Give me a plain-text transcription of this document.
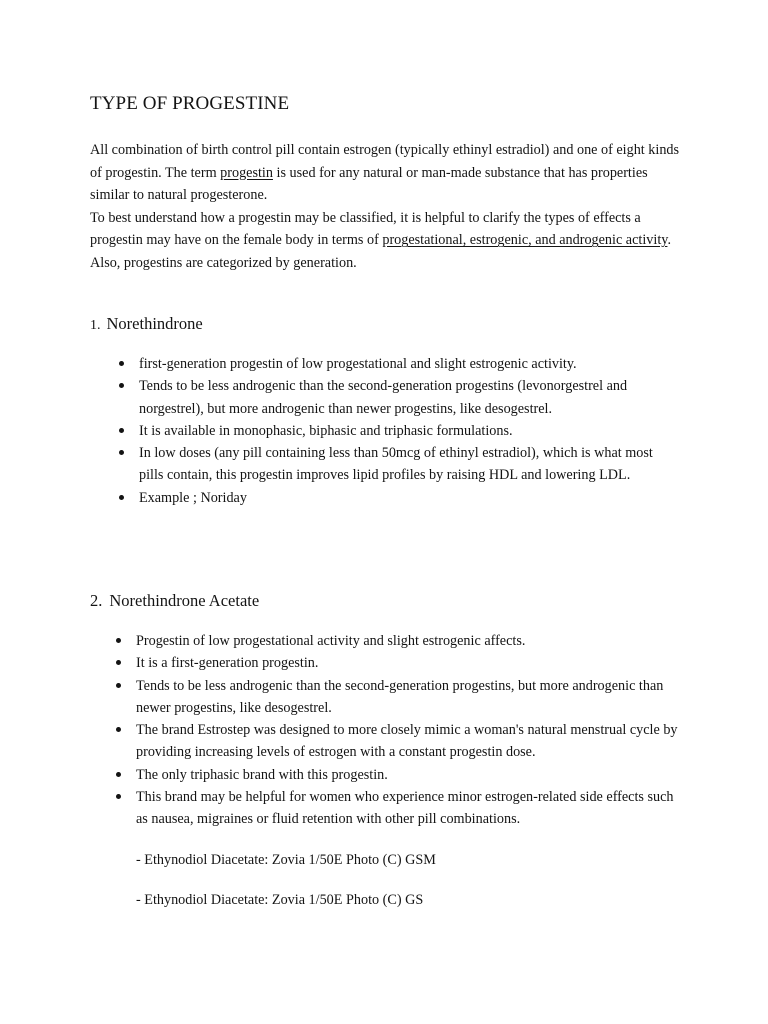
TYPE OF PROGESTINE

All combination of birth control pill contain estrogen (typically ethinyl estradiol) and one of eight kinds of progestin. The term progestin is used for any natural or man-made substance that has properties similar to natural progesterone.

To best understand how a progestin may be classified, it is helpful to clarify the types of effects a progestin may have on the female body in terms of progestational, estrogenic, and androgenic activity. Also, progestins are categorized by generation.

1. Norethindrone
first-generation progestin of low progestational and slight estrogenic activity.
Tends to be less androgenic than the second-generation progestins (levonorgestrel and norgestrel), but more androgenic than newer progestins, like desogestrel.
It is available in monophasic, biphasic and triphasic formulations.
In low doses (any pill containing less than 50mcg of ethinyl estradiol), which is what most pills contain, this progestin improves lipid profiles by raising HDL and lowering LDL.
Example ; Noriday
2. Norethindrone Acetate
Progestin of low progestational activity and slight estrogenic affects.
It is a first-generation progestin.
Tends to be less androgenic than the second-generation progestins, but more androgenic than newer progestins, like desogestrel.
The brand Estrostep was designed to more closely mimic a woman's natural menstrual cycle by providing increasing levels of estrogen with a constant progestin dose.
The only triphasic brand with this progestin.
This brand may be helpful for women who experience minor estrogen-related side effects such as nausea, migraines or fluid retention with other pill combinations.
- Ethynodiol Diacetate: Zovia 1/50E Photo (C) GSM
- Ethynodiol Diacetate: Zovia 1/50E Photo (C) GS
